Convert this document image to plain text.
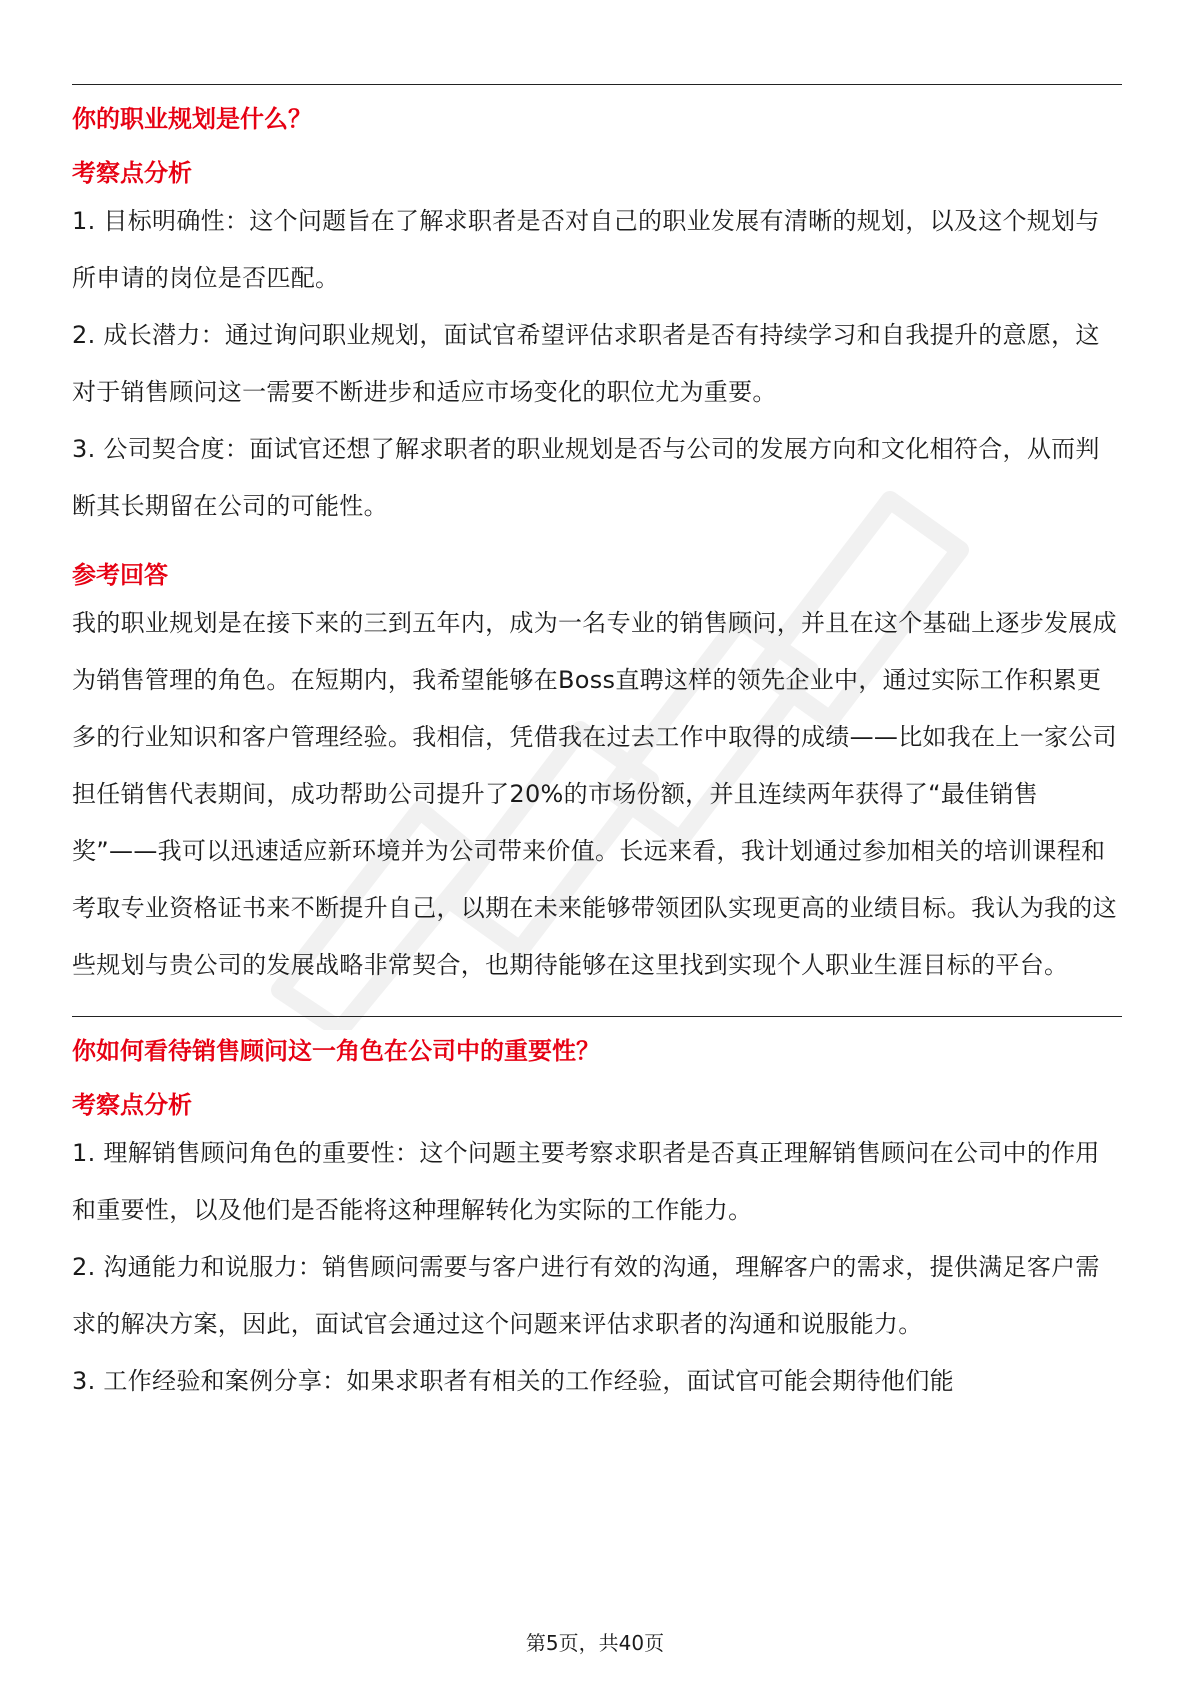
你的职业规划是什么？

考察点分析

1. 目标明确性：这个问题旨在了解求职者是否对自己的职业发展有清晰的规划，以及这个规划与所申请的岗位是否匹配。

2. 成长潜力：通过询问职业规划，面试官希望评估求职者是否有持续学习和自我提升的意愿，这对于销售顾问这一需要不断进步和适应市场变化的职位尤为重要。

3. 公司契合度：面试官还想了解求职者的职业规划是否与公司的发展方向和文化相符合，从而判断其长期留在公司的可能性。

参考回答

我的职业规划是在接下来的三到五年内，成为一名专业的销售顾问，并且在这个基础上逐步发展成为销售管理的角色。在短期内，我希望能够在Boss直聘这样的领先企业中，通过实际工作积累更多的行业知识和客户管理经验。我相信，凭借我在过去工作中取得的成绩——比如我在上一家公司担任销售代表期间，成功帮助公司提升了20%的市场份额，并且连续两年获得了“最佳销售奖”——我可以迅速适应新环境并为公司带来价值。长远来看，我计划通过参加相关的培训课程和考取专业资格证书来不断提升自己，以期在未来能够带领团队实现更高的业绩目标。我认为我的这些规划与贵公司的发展战略非常契合，也期待能够在这里找到实现个人职业生涯目标的平台。

你如何看待销售顾问这一角色在公司中的重要性？

考察点分析

1. 理解销售顾问角色的重要性：这个问题主要考察求职者是否真正理解销售顾问在公司中的作用和重要性，以及他们是否能将这种理解转化为实际的工作能力。

2. 沟通能力和说服力：销售顾问需要与客户进行有效的沟通，理解客户的需求，提供满足客户需求的解决方案，因此，面试官会通过这个问题来评估求职者的沟通和说服能力。

3. 工作经验和案例分享：如果求职者有相关的工作经验，面试官可能会期待他们能

第5页，共40页
